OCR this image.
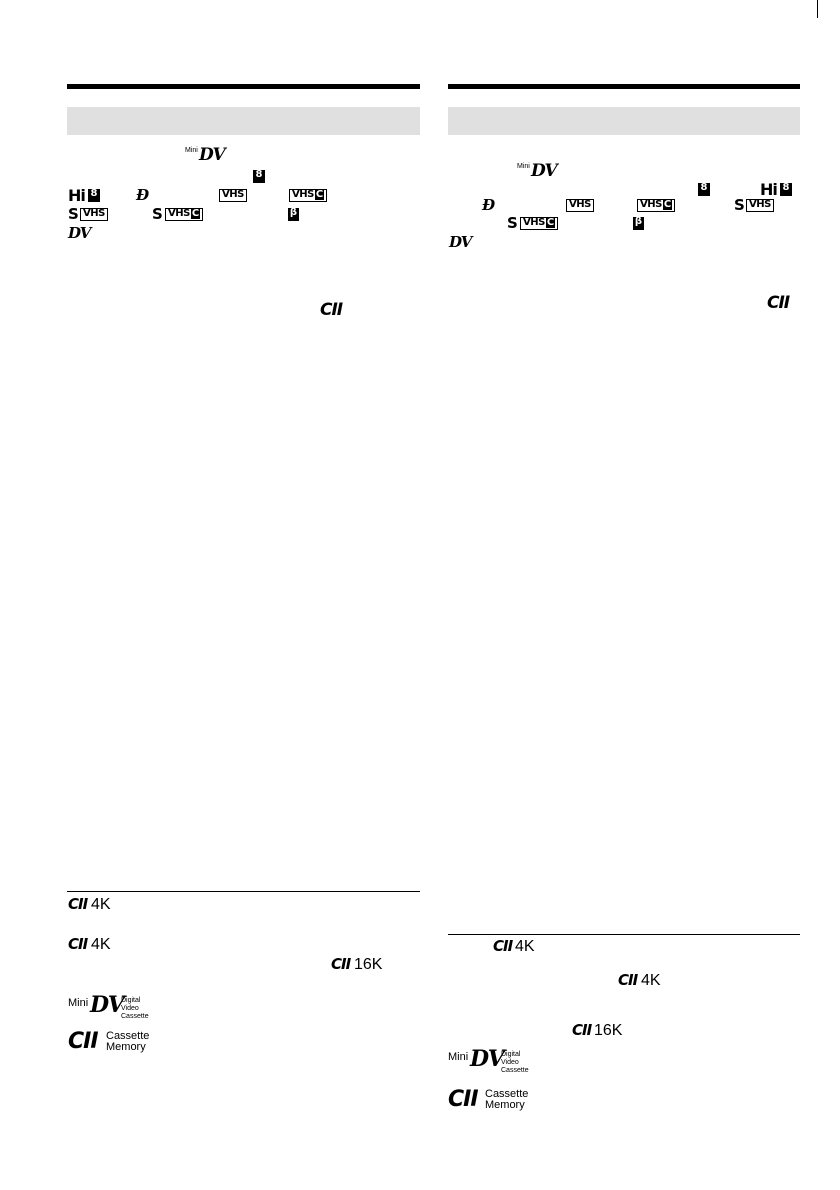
Mini DV
8
Hi 8	Ɖ	VHS	VHS C
S VHS	S VHS C	β
DV
CIΙ
CIΙ 4K
CIΙ 4K
CIΙ 16K
Mini DV
Digital
Video
Cassette
CIΙ Cassette
Memory
Mini DV
8	Hi 8
Ɖ	VHS	VHS C	S VHS
S VHS C	β
DV
CIΙ
CIΙ 4K
CIΙ 4K
CIΙ 16K
Mini DV
Digital
Video
Cassette
CIΙ Cassette
Memory
